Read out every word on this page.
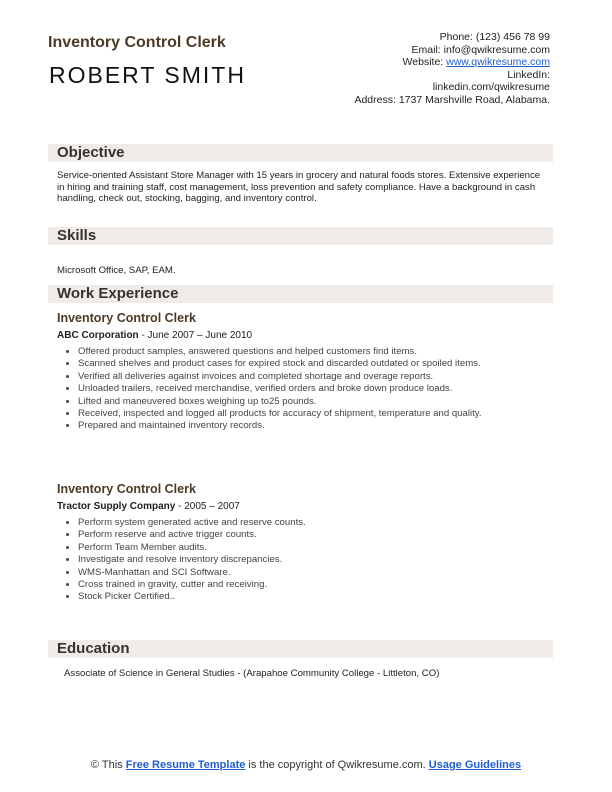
Inventory Control Clerk
ROBERT SMITH
Phone: (123) 456 78 99
Email: info@qwikresume.com
Website: www.qwikresume.com
LinkedIn:
linkedin.com/qwikresume
Address: 1737 Marshville Road, Alabama.
Objective
Service-oriented Assistant Store Manager with 15 years in grocery and natural foods stores. Extensive experience in hiring and training staff, cost management, loss prevention and safety compliance. Have a background in cash handling, check out, stocking, bagging, and inventory control.
Skills
Microsoft Office, SAP, EAM.
Work Experience
Inventory Control Clerk
ABC Corporation - June 2007 – June 2010
• Offered product samples, answered questions and helped customers find items.
• Scanned shelves and product cases for expired stock and discarded outdated or spoiled items.
• Verified all deliveries against invoices and completed shortage and overage reports.
• Unloaded trailers, received merchandise, verified orders and broke down produce loads.
• Lifted and maneuvered boxes weighing up to25 pounds.
• Received, inspected and logged all products for accuracy of shipment, temperature and quality.
• Prepared and maintained inventory records.
Inventory Control Clerk
Tractor Supply Company - 2005 – 2007
• Perform system generated active and reserve counts.
• Perform reserve and active trigger counts.
• Perform Team Member audits.
• Investigate and resolve inventory discrepancies.
• WMS-Manhattan and SCI Software.
• Cross trained in gravity, cutter and receiving.
• Stock Picker Certified..
Education
Associate of Science in General Studies - (Arapahoe Community College - Littleton, CO)
© This Free Resume Template is the copyright of Qwikresume.com. Usage Guidelines
